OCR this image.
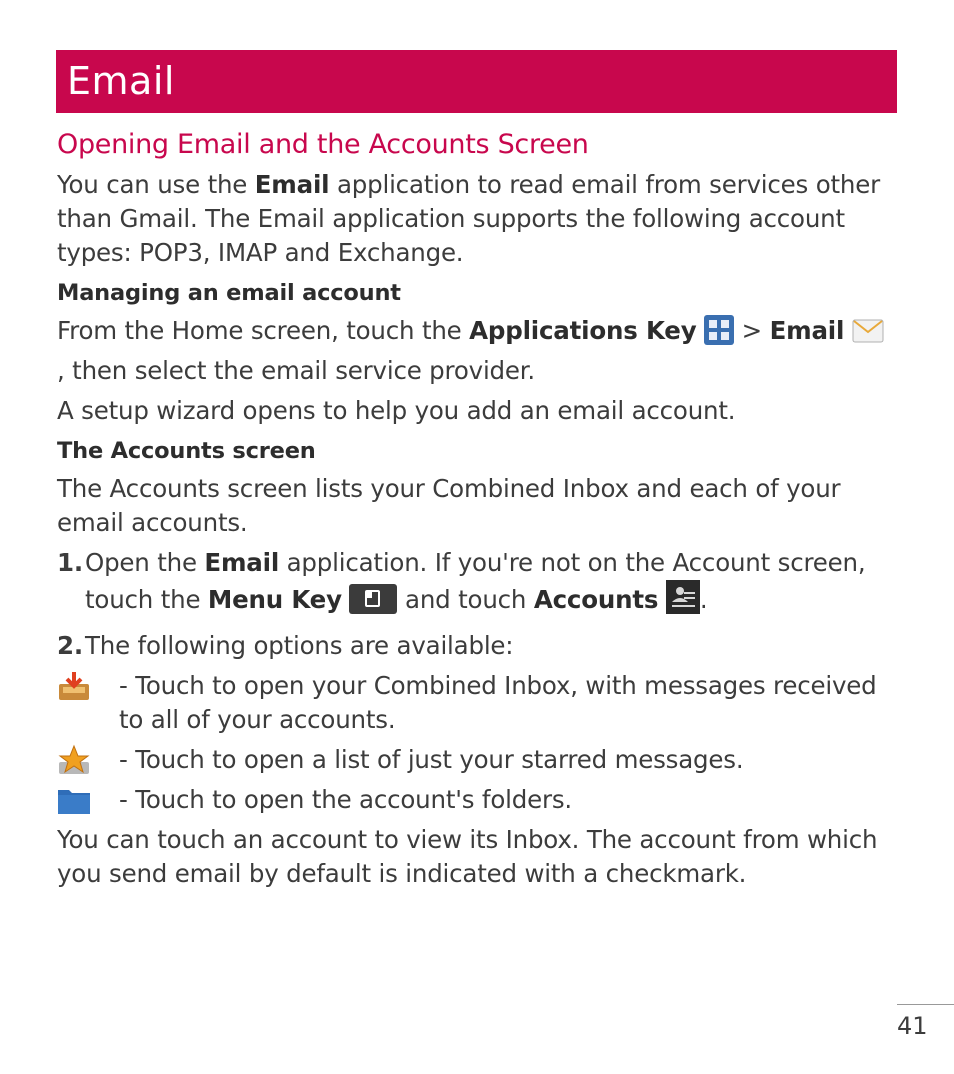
Email
Opening Email and the Accounts Screen
You can use the Email application to read email from services other than Gmail. The Email application supports the following account types: POP3, IMAP and Exchange.
Managing an email account
From the Home screen, touch the Applications Key  > Email , then select the email service provider.
A setup wizard opens to help you add an email account.
The Accounts screen
The Accounts screen lists your Combined Inbox and each of your email accounts.
1. Open the Email application. If you're not on the Account screen, touch the Menu Key  and touch Accounts .
2. The following options are available:
- Touch to open your Combined Inbox, with messages received to all of your accounts.
- Touch to open a list of just your starred messages.
- Touch to open the account's folders.
You can touch an account to view its Inbox. The account from which you send email by default is indicated with a checkmark.
41
